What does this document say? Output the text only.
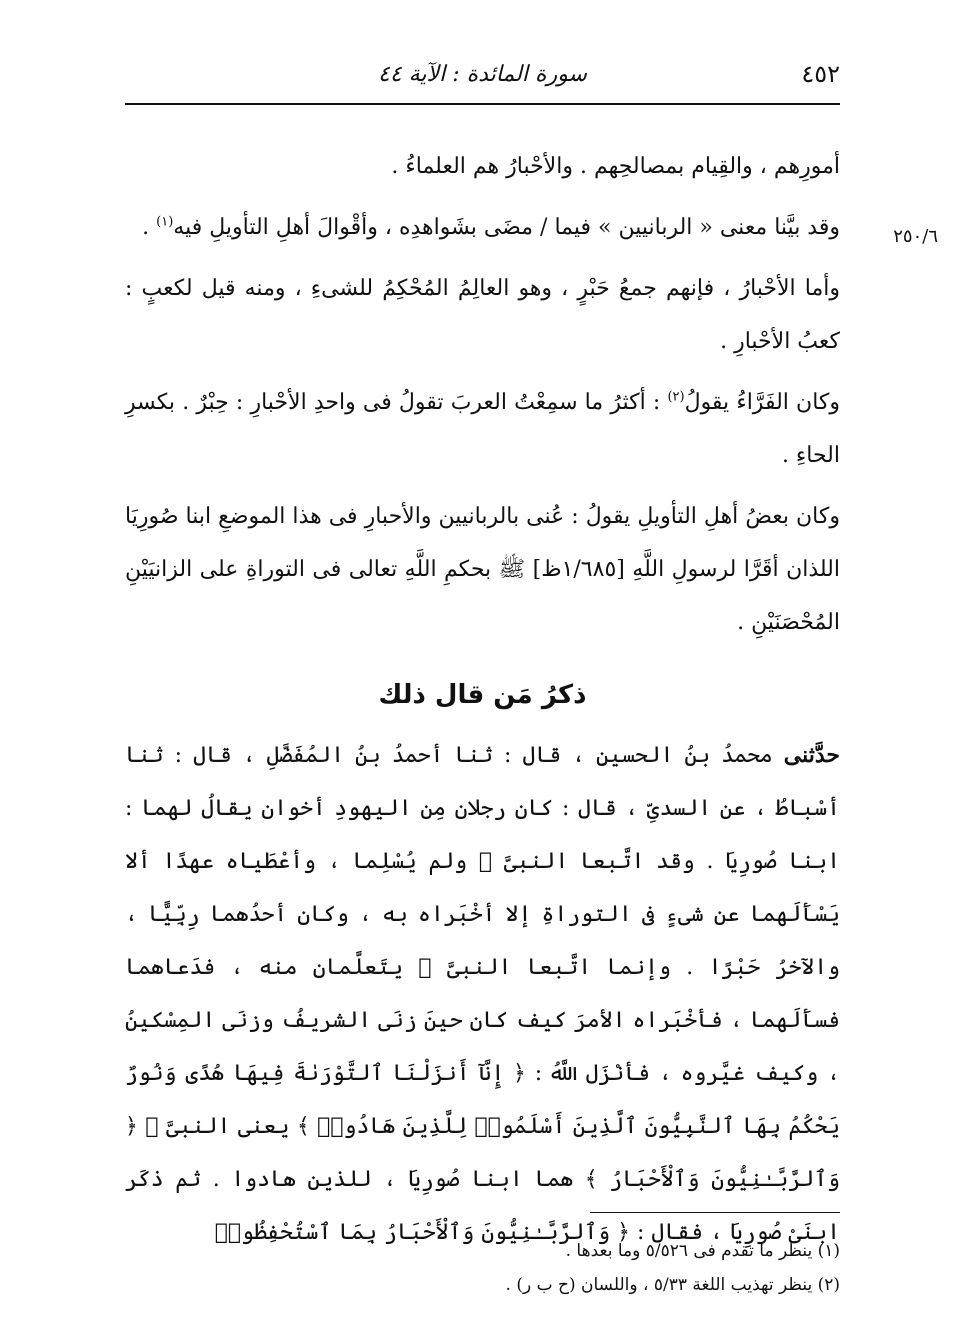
٤٥٢
سورة المائدة : الآية ٤٤
٢٥٠/٦

أمورِهم ، والقِيام بمصالحِهم . والأحْبارُ هم العلماءُ .

وقد بيَّنا معنى « الربانيين » فيما / مضَى بشَواهدِه ، وأقْوالَ أهلِ التأويلِ فيه$^{(١)}$ .

وأما الأحْبارُ ، فإنهم جمعُ حَبْرٍ ، وهو العالِمُ المُحْكِمُ للشىءِ ، ومنه قيل لكعبٍ : كعبُ الأحْبارِ .

وكان الفَرَّاءُ يقولُ$^{(٢)}$ : أكثرُ ما سمِعْتُ العربَ تقولُ فى واحدِ الأحْبارِ : حِبْرٌ . بكسرِ الحاءِ .

وكان بعضُ أهلِ التأويلِ يقولُ : عُنى بالربانيين والأحبارِ فى هذا الموضعِ ابنا صُورِيَا اللذان أقَرَّا لرسولِ اللَّهِ [١/٦٨٥ظ] ﷺ بحكمِ اللَّهِ تعالى فى التوراةِ على الزانيَيْنِ المُحْصَنَيْنِ .

ذكرُ مَن قال ذلك

حدَّثنى محمدُ بنُ الحسينِ ، قال : ثنا أحمدُ بنُ المُفَضَّلِ ، قال : ثنا أسْباطُ ، عن السدىِّ ، قال : كان رجلان مِن اليهودِ أخوان يقالُ لهما : ابنا صُورِيَا . وقد اتَّبعا النبىَّ ﷺ ولم يُسْلِما ، وأعْطَياه عهدًا ألا يَسْأَلَهما عن شىءٍ فى التوراةِ إلا أخْبَراه به ، وكان أحدُهما رِبِّيًّا ، والآخرُ حَبْرًا . وإنما اتَّبعا النبىَّ ﷺ يتَعلَّمان منه ، فدَعاهما فسأَلَهما ، فأخْبَراه الأمرَ كيف كان حينَ زنَى الشريفُ وزنَى المِسْكينُ ، وكيف غيَّروه ، فأنْزَل اللَّهُ : ﴿ إِنَّآ أَنزَلْنَا ٱلتَّوْرَىٰةَ فِيهَا هُدًى وَنُورٌ يَحْكُمُ بِهَا ٱلنَّبِيُّونَ ٱلَّذِينَ أَسْلَمُوا۟ لِلَّذِينَ هَادُوا۟ ﴾ يعنى النبىَّ ﷺ ﴿ وَٱلرَّبَّـٰنِيُّونَ وَٱلْأَحْبَارُ ﴾ هما ابنا صُورِيَا ، للذين هادوا . ثم ذكَر ابنَىْ صُورِيَا ، فقال : ﴿ وَٱلرَّبَّـٰنِيُّونَ وَٱلْأَحْبَارُ بِمَا ٱسْتُحْفِظُوا۟

(١) ينظر ما تقدم فى ٥/٥٢٦ وما بعدها .

(٢) ينظر تهذيب اللغة ٥/٣٣ ، واللسان (ح ب ر) .
